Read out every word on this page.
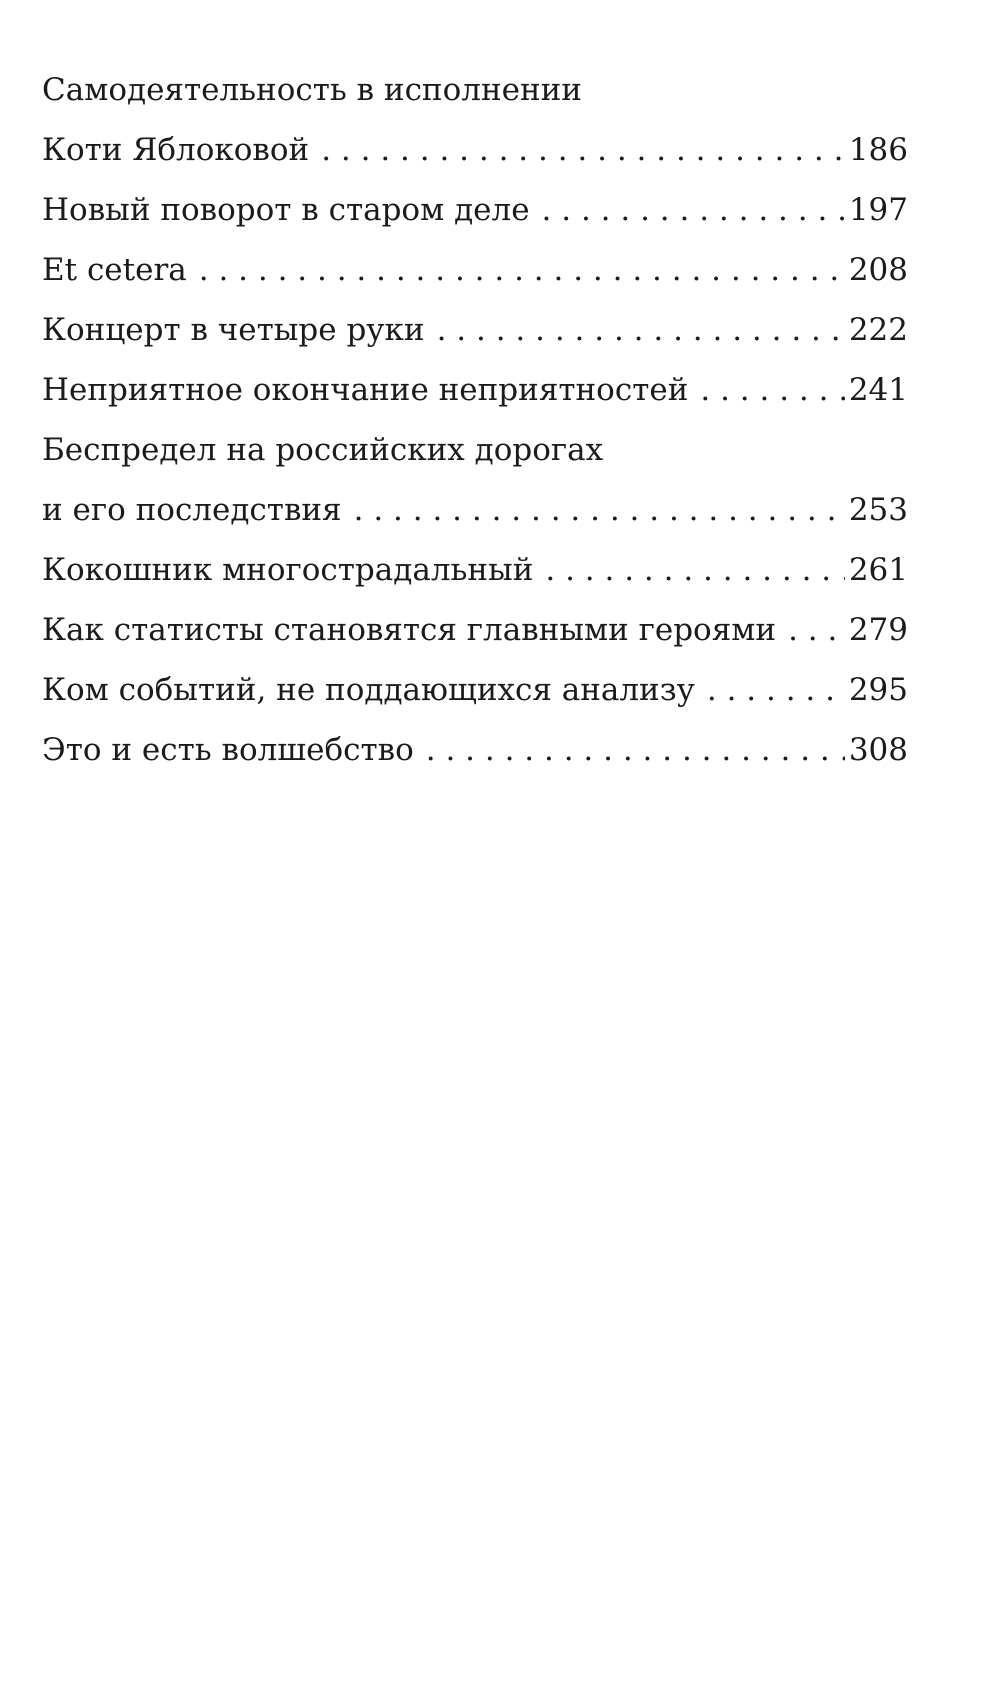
Самодеятельность в исполнении
Коти Яблоковой . . .	186
Новый поворот в старом деле . . .	197
Et cetera . . .	208
Концерт в четыре руки . . .	222
Неприятное окончание неприятностей . . .	241
Беспредел на российских дорогах
и его последствия . . .	253
Кокошник многострадальный . . .	261
Как статисты становятся главными героями . . . 279
Ком событий, не поддающихся анализу . . .	295
Это и есть волшебство . . .	308
